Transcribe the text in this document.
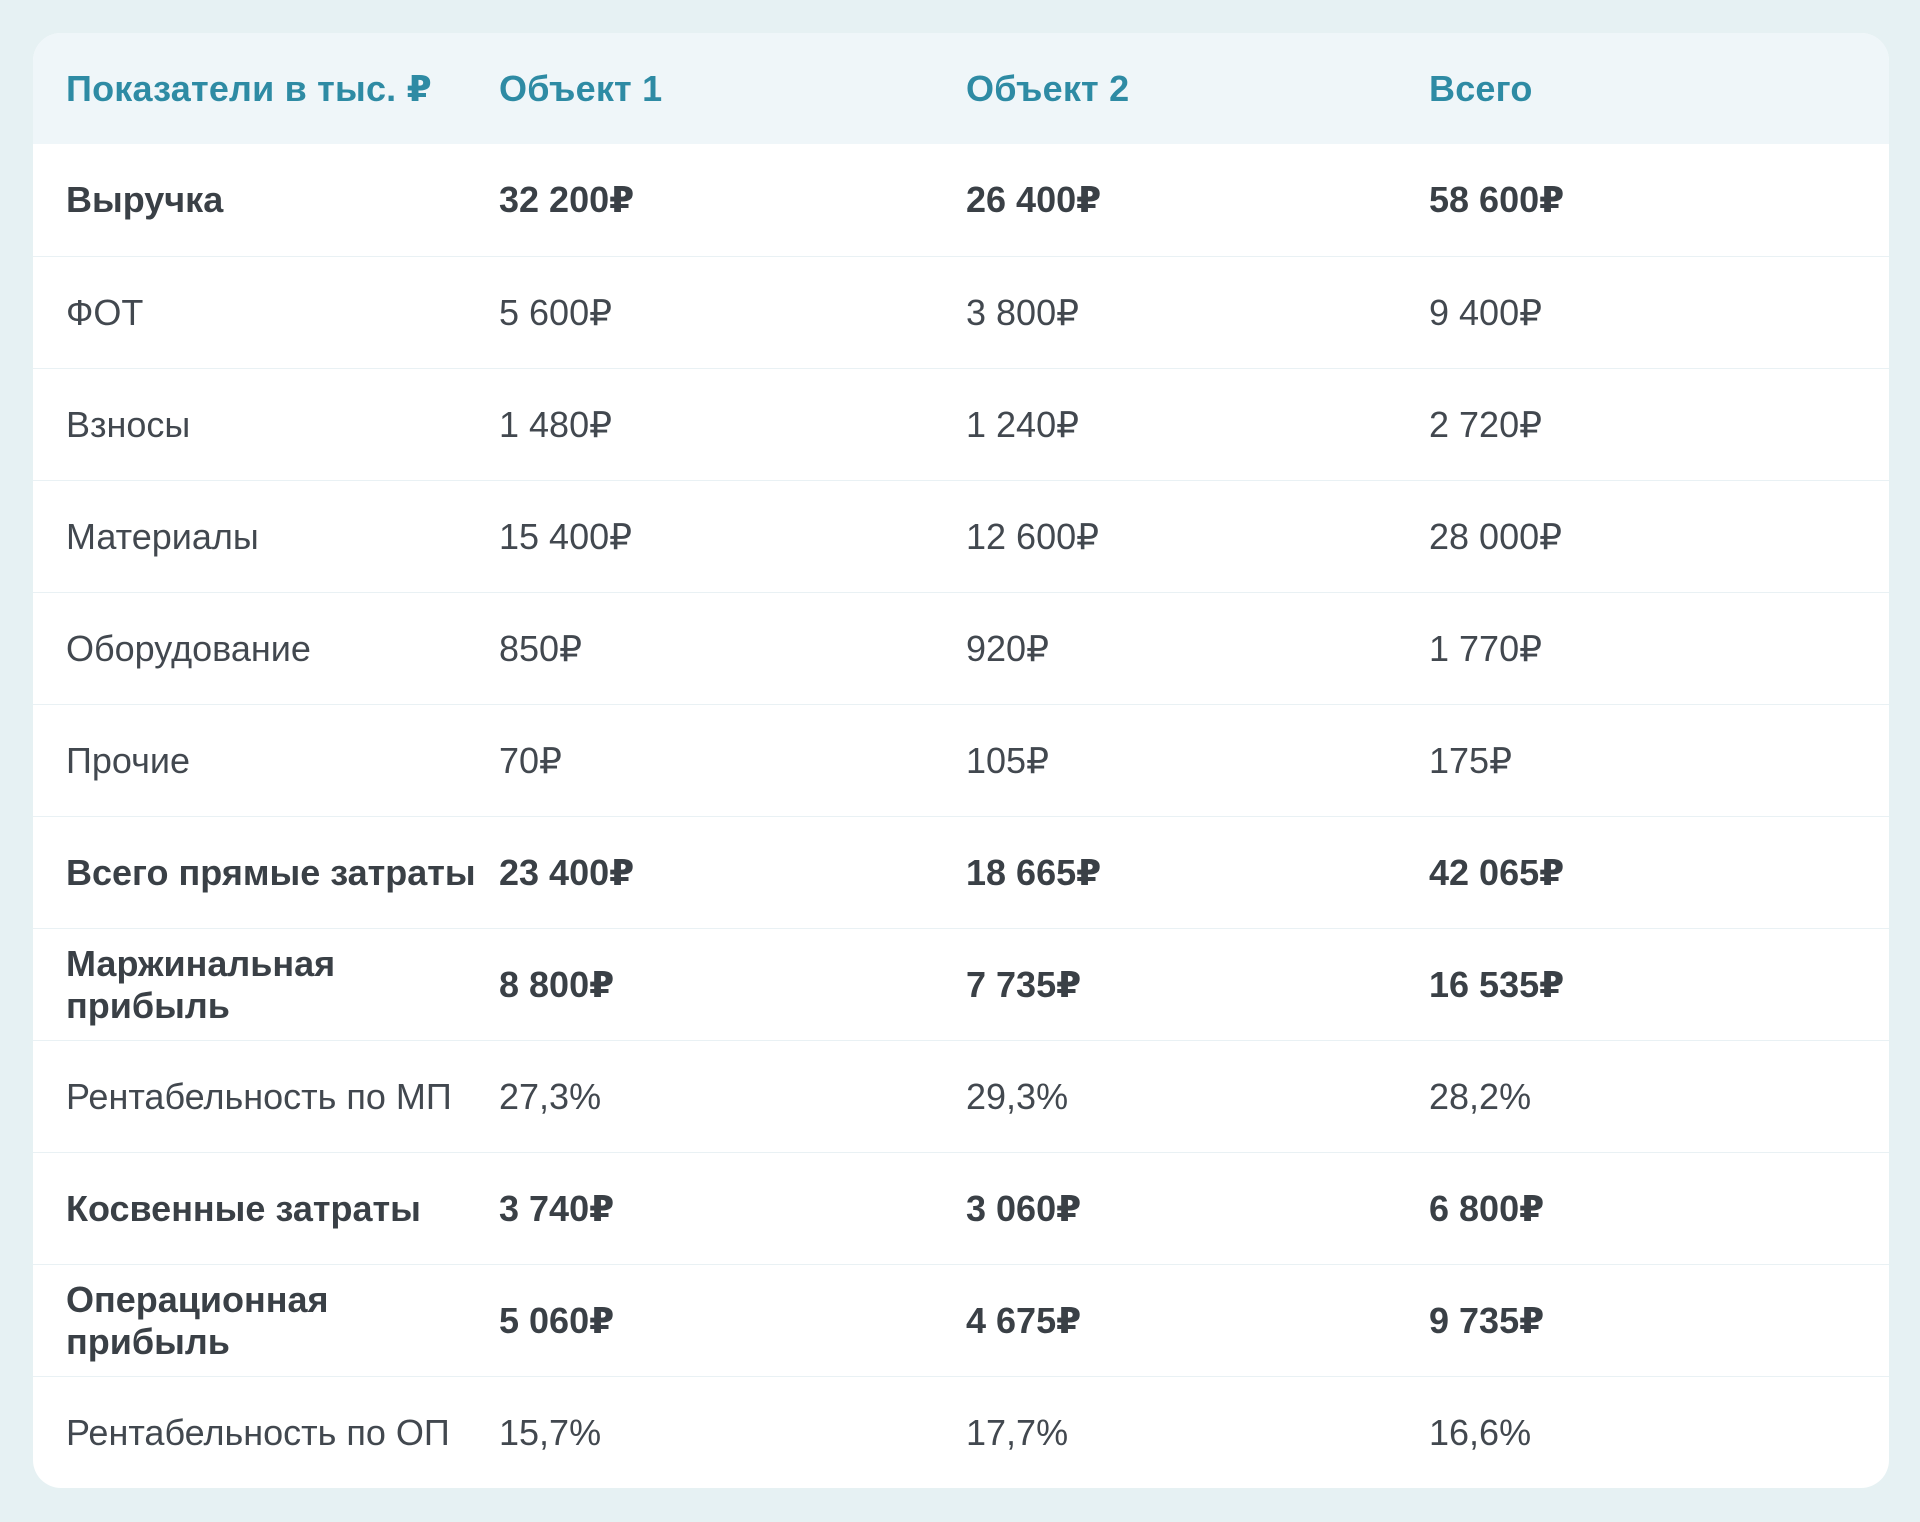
Показатели в тыс. ₽	Объект 1	Объект 2	Всего
Выручка	32 200₽	26 400₽	58 600₽
ФОТ	5 600₽	3 800₽	9 400₽
Взносы	1 480₽	1 240₽	2 720₽
Материалы	15 400₽	12 600₽	28 000₽
Оборудование	850₽	920₽	1 770₽
Прочие	70₽	105₽	175₽
Всего прямые затраты	23 400₽	18 665₽	42 065₽
Маржинальная прибыль	8 800₽	7 735₽	16 535₽
Рентабельность по МП	27,3%	29,3%	28,2%
Косвенные затраты	3 740₽	3 060₽	6 800₽
Операционная прибыль	5 060₽	4 675₽	9 735₽
Рентабельность по ОП	15,7%	17,7%	16,6%
